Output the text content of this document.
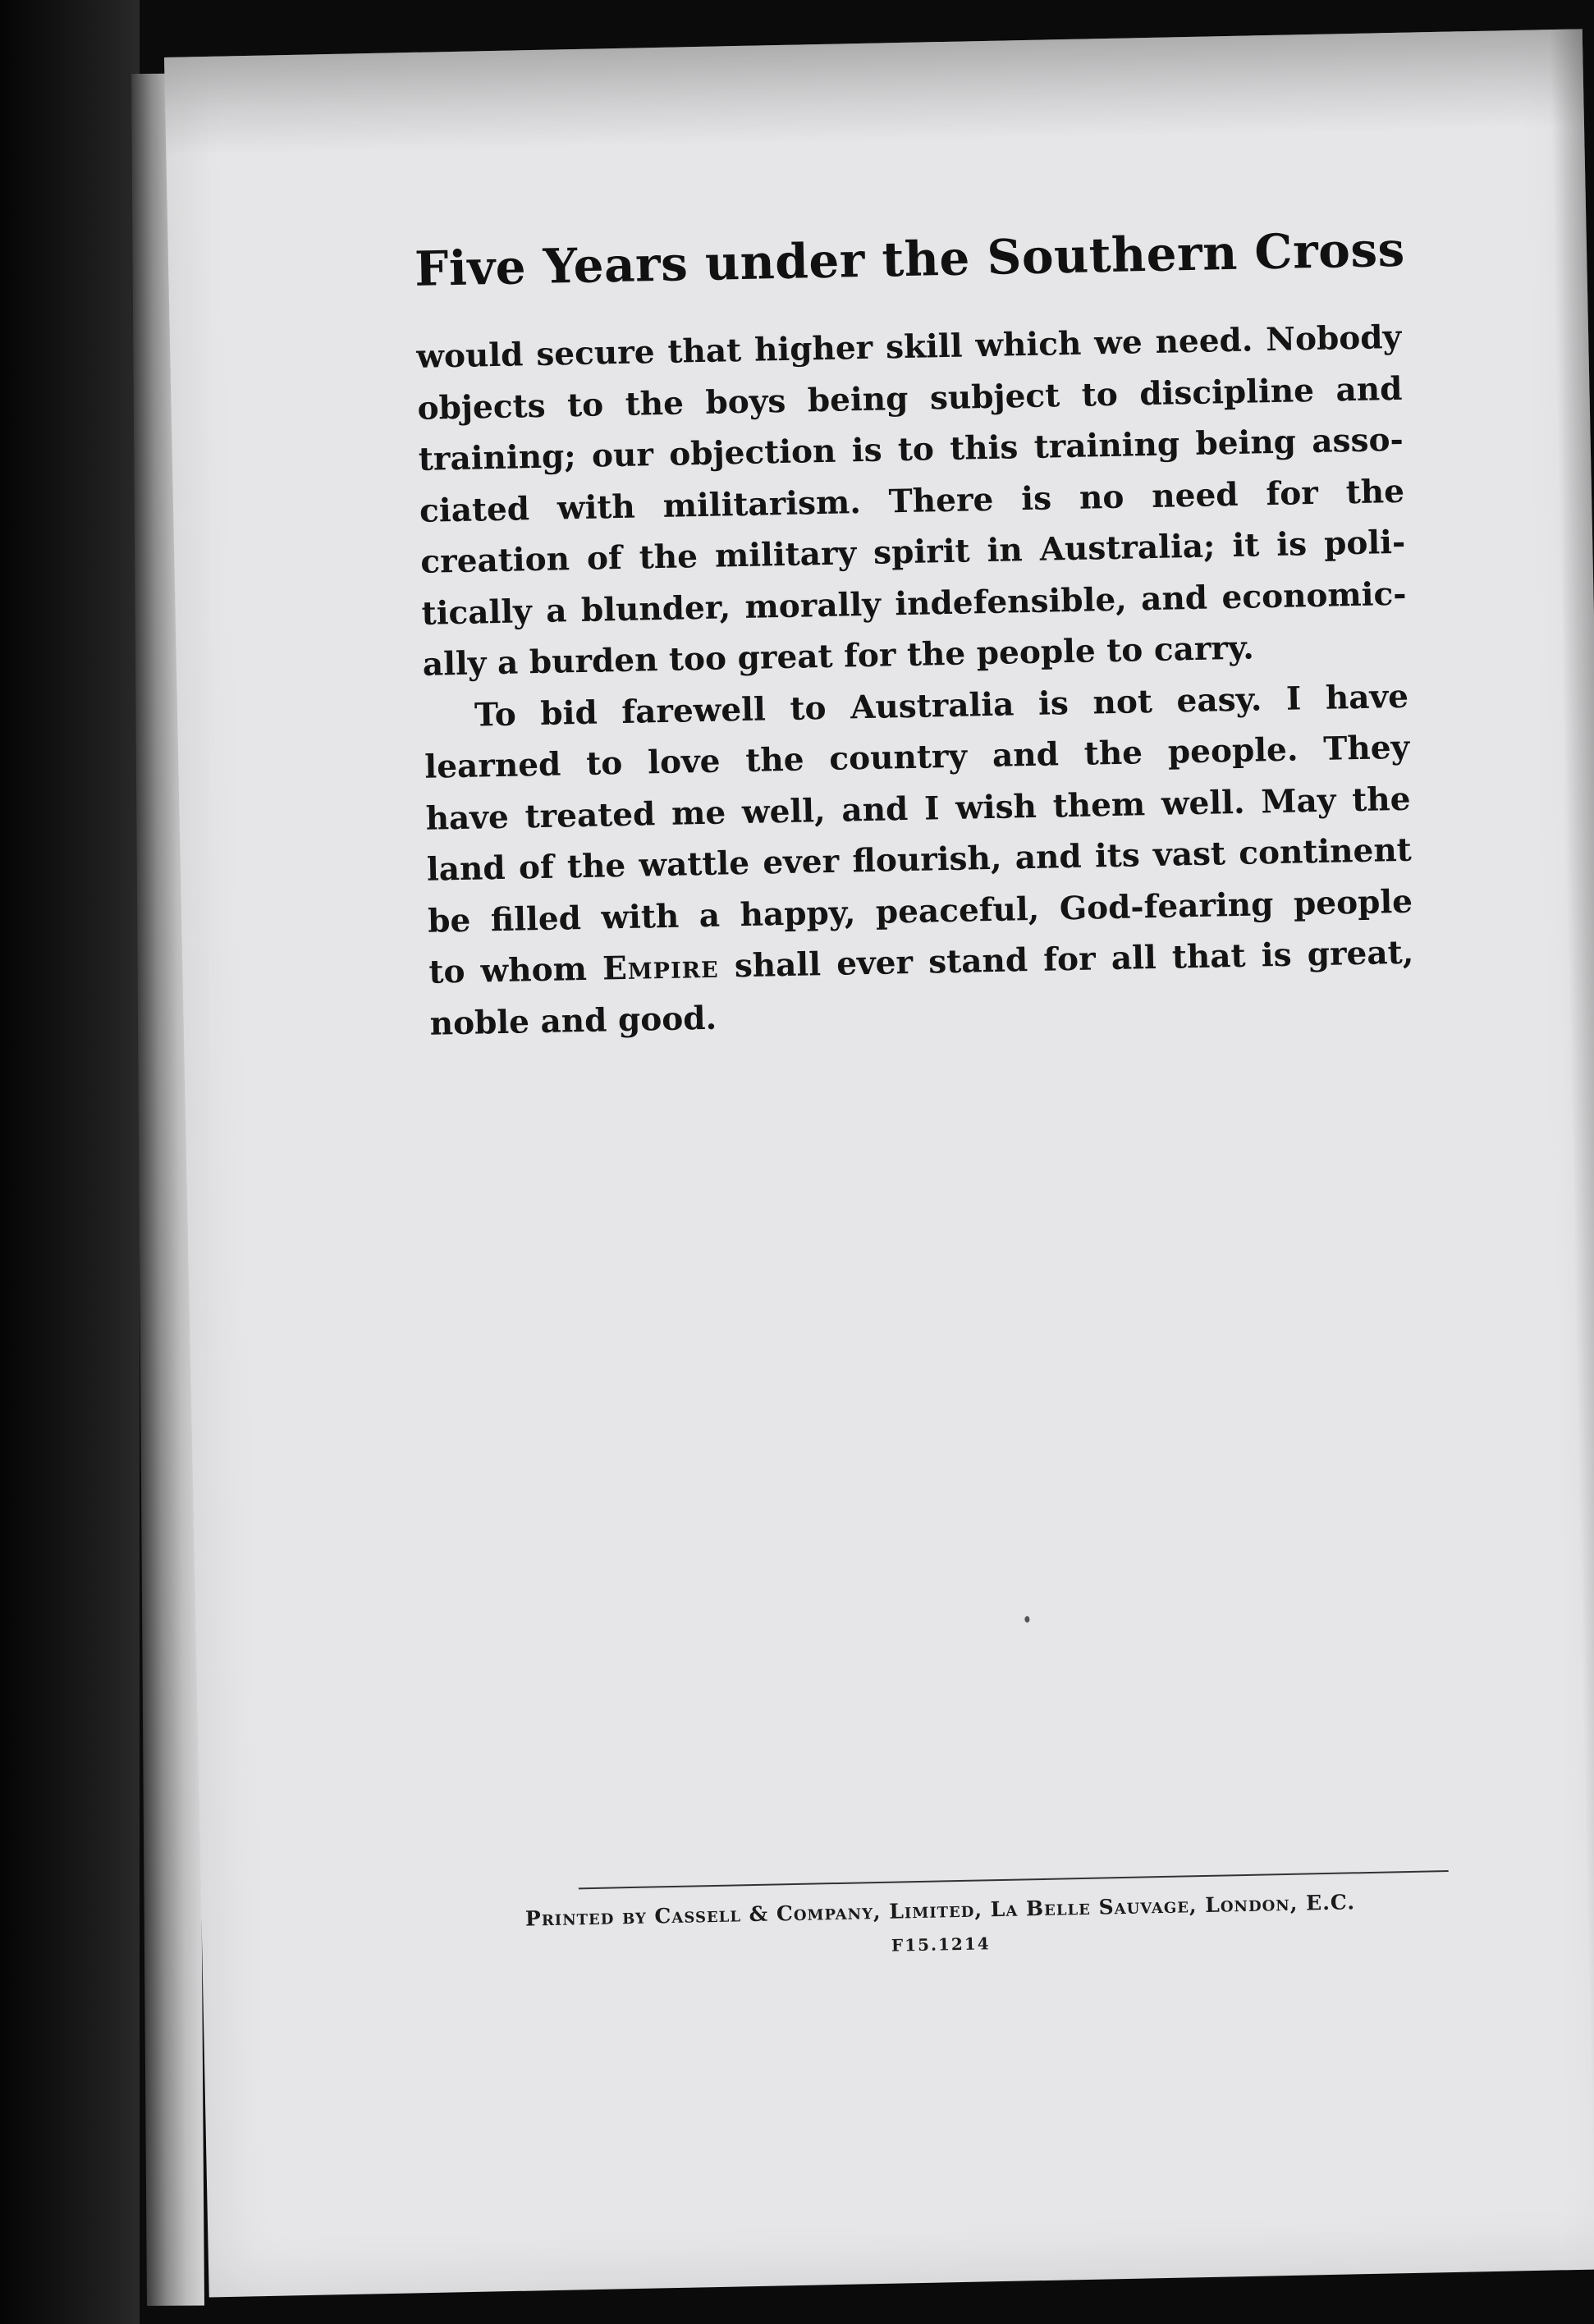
Five Years under the Southern Cross
would secure that higher skill which we need. Nobody
objects to the boys being subject to discipline and
training; our objection is to this training being asso-
ciated with militarism. There is no need for the
creation of the military spirit in Australia; it is poli-
tically a blunder, morally indefensible, and economic-
ally a burden too great for the people to carry.
To bid farewell to Australia is not easy. I have
learned to love the country and the people. They
have treated me well, and I wish them well. May the
land of the wattle ever flourish, and its vast continent
be filled with a happy, peaceful, God-fearing people
to whom Empire shall ever stand for all that is great,
noble and good.
Printed by Cassell & Company, Limited, La Belle Sauvage, London, E.C.
F15.1214
